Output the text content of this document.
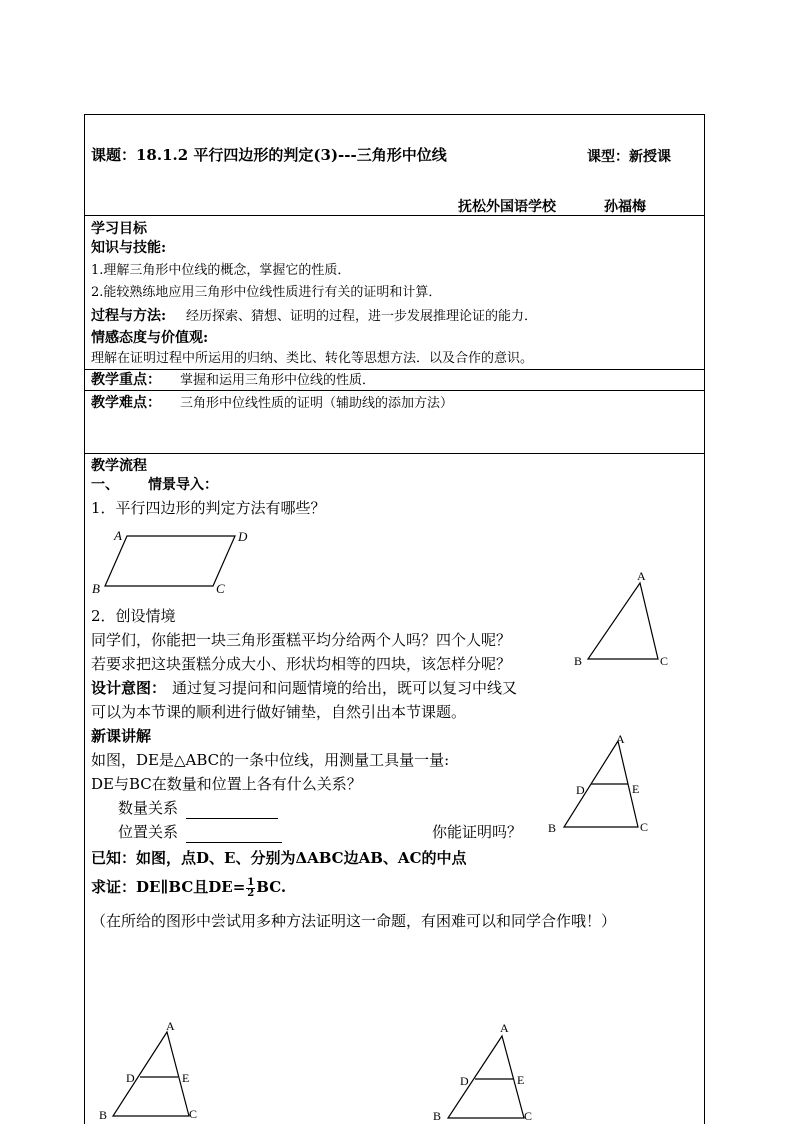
课题：18.1.2 平行四边形的判定(3)---三角形中位线	课型：新授课
抚松外国语学校	孙福梅
学习目标
知识与技能:
1.理解三角形中位线的概念，掌握它的性质．
2.能较熟练地应用三角形中位线性质进行有关的证明和计算．
过程与方法: 经历探索、猜想、证明的过程，进一步发展推理论证的能力．
情感态度与价值观:
理解在证明过程中所运用的归纳、类比、转化等思想方法．以及合作的意识。
教学重点： 掌握和运用三角形中位线的性质．
教学难点： 三角形中位线性质的证明（辅助线的添加方法）
教学流程
一、 情景导入：
1．平行四边形的判定方法有哪些？
A	D
B	C
A
B	C
2．创设情境
同学们，你能把一块三角形蛋糕平均分给两个人吗？四个人呢？
若要求把这块蛋糕分成大小、形状均相等的四块，该怎样分呢？
设计意图： 通过复习提问和问题情境的给出，既可以复习中线又
可以为本节课的顺利进行做好铺垫，自然引出本节课题。
新课讲解
如图，DE是△ABC的一条中位线，用测量工具量一量:
DE与BC在数量和位置上各有什么关系？
A
D	E
B	C
数量关系
位置关系	你能证明吗？
已知：如图，点D、E、分别为ΔABC边AB、AC的中点
求证：DE∥BC且$DE= \frac{1}{2}$ BC.
（在所给的图形中尝试用多种方法证明这一命题，有困难可以和同学合作哦！）
A
D	E
B	C
A
D	E
B	C
